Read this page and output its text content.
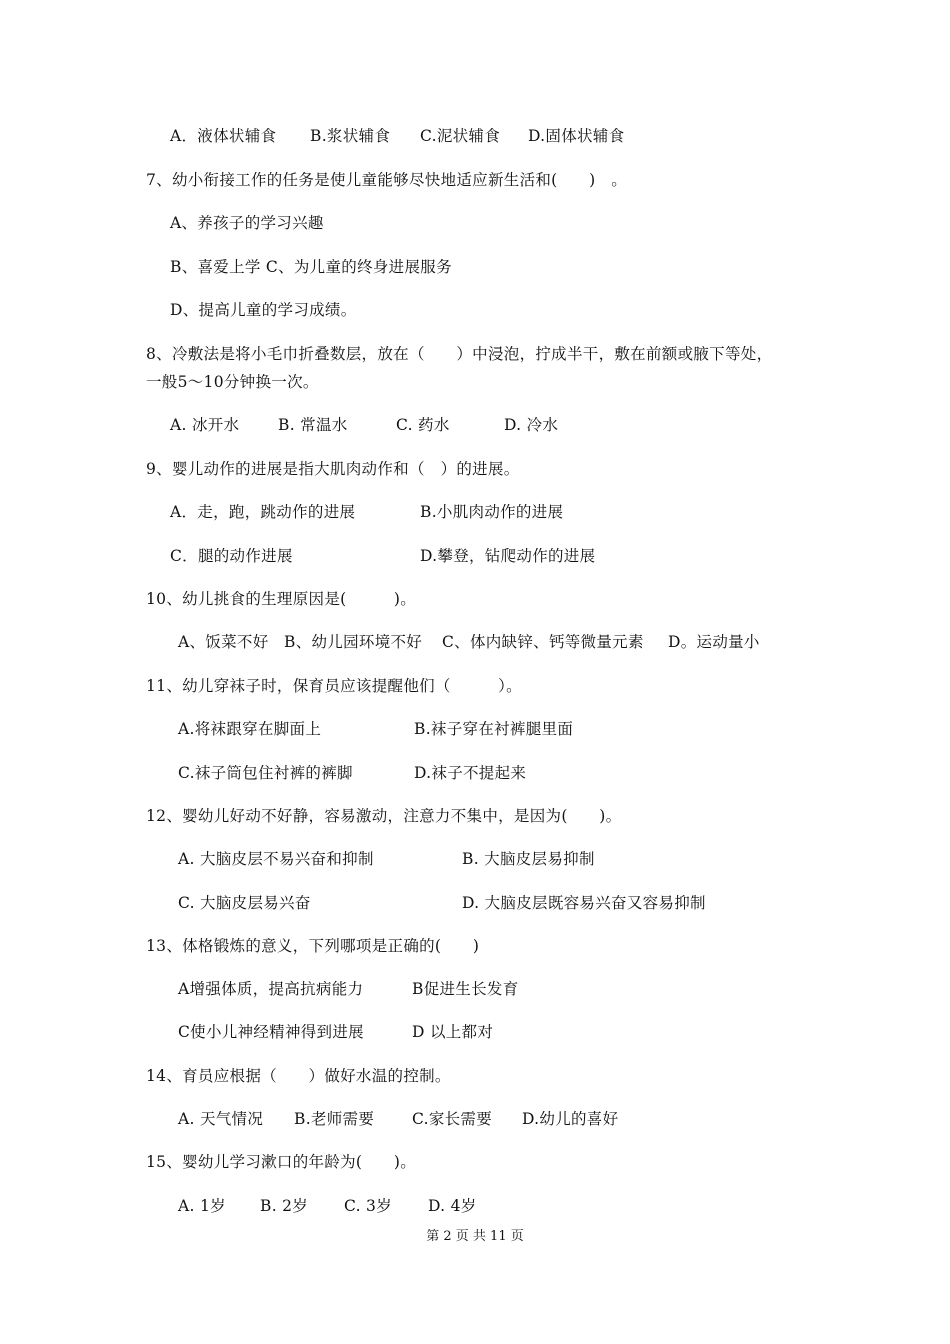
A．液体状辅食 B.浆状辅食 C.泥状辅食 D.固体状辅食
7、幼小衔接工作的任务是使儿童能够尽快地适应新生活和(　　)　。
A、养孩子的学习兴趣
B、喜爱上学 C、为儿童的终身进展服务
D、提高儿童的学习成绩。
8、冷敷法是将小毛巾折叠数层，放在（　　）中浸泡，拧成半干，敷在前额或腋下等处，
一般5～10分钟换一次。
A. 冰开水 B. 常温水	C. 药水	D. 冷水
9、婴儿动作的进展是指大肌肉动作和（　）的进展。
A．走，跑，跳动作的进展	B.小肌肉动作的进展
C．腿的动作进展	D.攀登，钻爬动作的进展
10、幼儿挑食的生理原因是(　　　)。
A、饭菜不好 B、幼儿园环境不好 C、体内缺锌、钙等微量元素 D。运动量小
11、幼儿穿袜子时，保育员应该提醒他们（　　　）。
A.将袜跟穿在脚面上	B.袜子穿在衬裤腿里面
C.袜子筒包住衬裤的裤脚	D.袜子不提起来
12、婴幼儿好动不好静，容易激动，注意力不集中，是因为(　　)。
A. 大脑皮层不易兴奋和抑制	B. 大脑皮层易抑制
C. 大脑皮层易兴奋	D. 大脑皮层既容易兴奋又容易抑制
13、体格锻炼的意义，下列哪项是正确的(　　)
A增强体质，提高抗病能力	B促进生长发育
C使小儿神经精神得到进展	D 以上都对
14、育员应根据（　　）做好水温的控制。
A. 天气情况 B.老师需要 C.家长需要 D.幼儿的喜好
15、婴幼儿学习漱口的年龄为(　　)。
A. 1岁 B. 2岁 C. 3岁 D. 4岁
第 2 页 共 11 页
